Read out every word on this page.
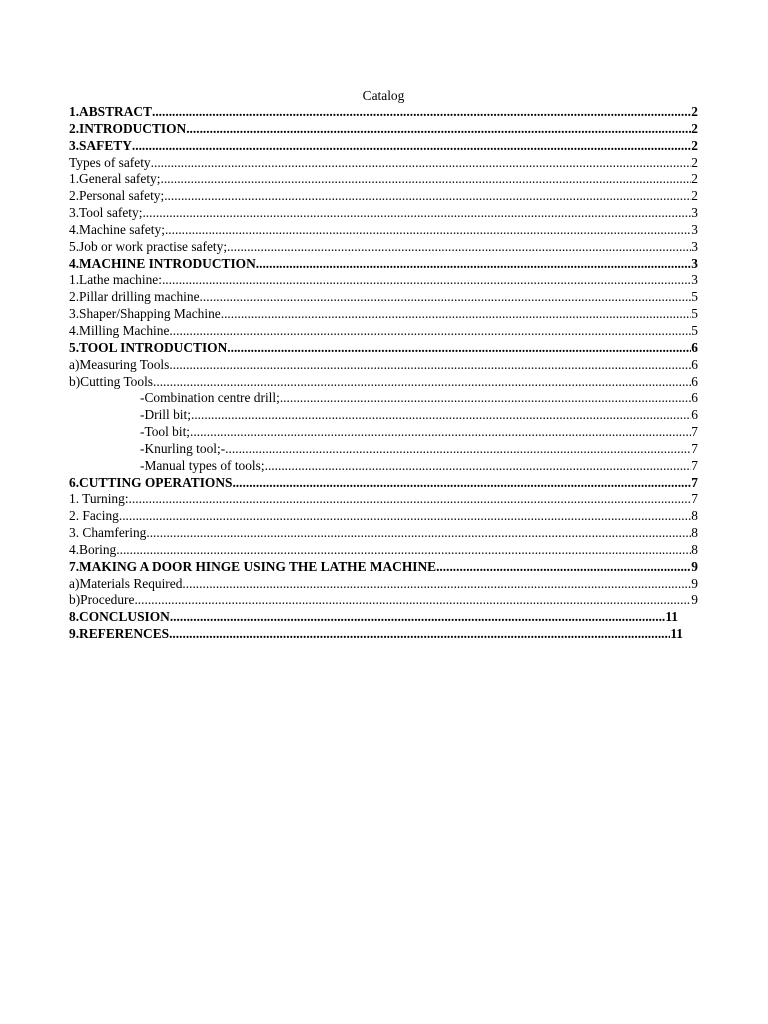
Catalog
1.ABSTRACT .....	2
2.INTRODUCTION .....	2
3.SAFETY .....	2
Types of safety .....	2
1.General safety; .....	2
2.Personal safety; .....	2
3.Tool safety; .....	3
4.Machine safety; .....	3
5.Job or work practise safety; .....	3
4.MACHINE INTRODUCTION .....	3
1.Lathe machine: .....	3
2.Pillar drilling machine .....	5
3.Shaper/Shapping Machine .....	5
4.Milling Machine .....	5
5.TOOL INTRODUCTION .....	6
a)Measuring Tools .....	6
b)Cutting Tools .....	6
-Combination centre drill; .....	6
-Drill bit; .....	6
-Tool bit; .....	7
-Knurling tool;- .....	7
-Manual types of tools; .....	7
6.CUTTING OPERATIONS .....	7
1. Turning: .....	7
2. Facing .....	8
3. Chamfering .....	8
4.Boring .....	8
7.MAKING A DOOR HINGE USING THE LATHE MACHINE .....	9
a)Materials Required .....	9
b)Procedure .....	9
8.CONCLUSION .....	11
9.REFERENCES .....	11
